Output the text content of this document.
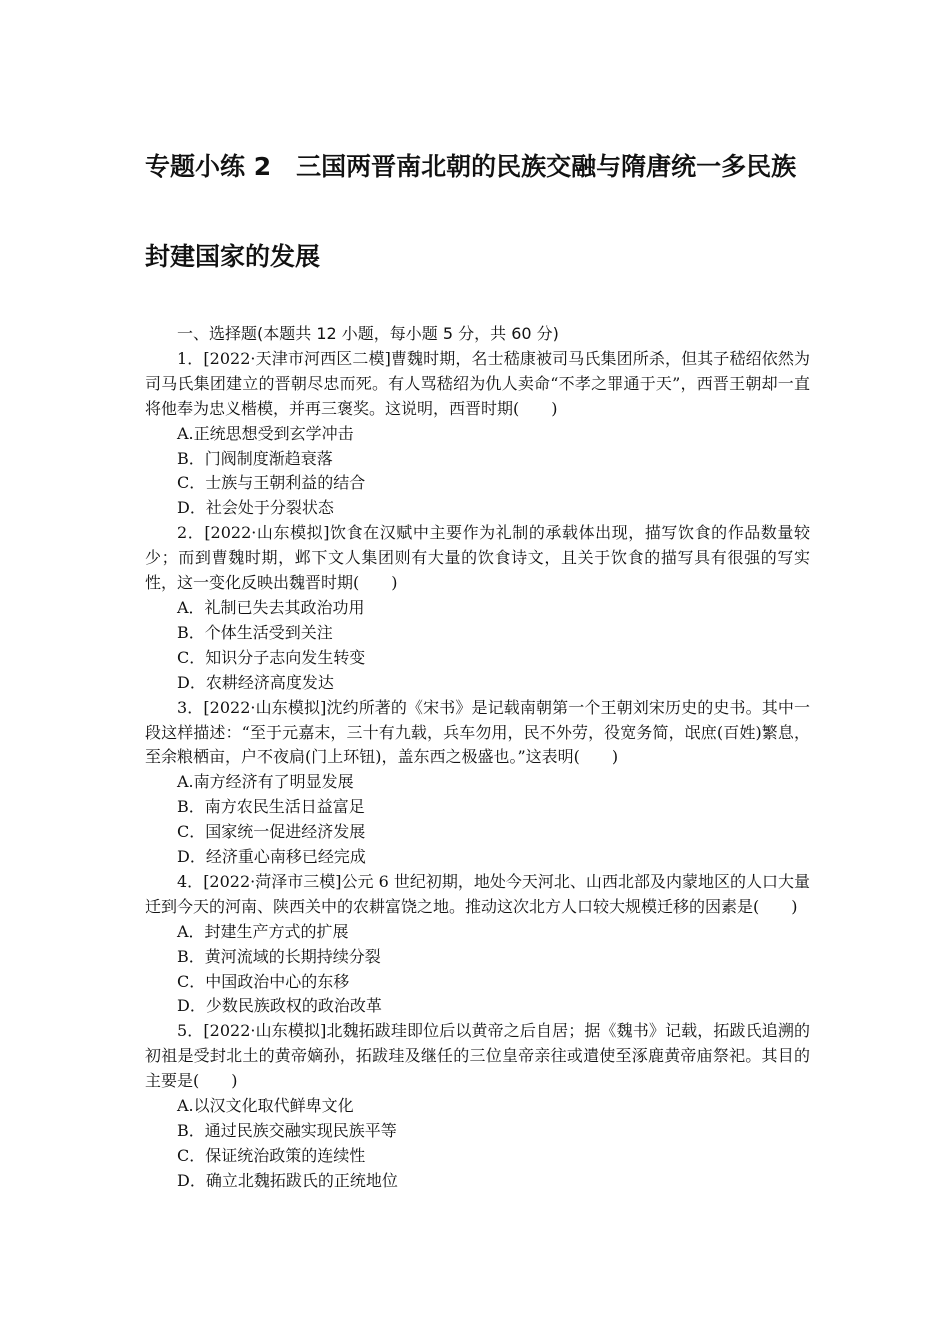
专题小练 2　三国两晋南北朝的民族交融与隋唐统一多民族
封建国家的发展

一、选择题(本题共 12 小题，每小题 5 分，共 60 分)

1．[2022·天津市河西区二模]曹魏时期，名士嵇康被司马氏集团所杀，但其子嵇绍依然为司马氏集团建立的晋朝尽忠而死。有人骂嵇绍为仇人卖命“不孝之罪通于天”，西晋王朝却一直将他奉为忠义楷模，并再三褒奖。这说明，西晋时期(　　)

A.正统思想受到玄学冲击

B．门阀制度渐趋衰落

C．士族与王朝利益的结合

D．社会处于分裂状态

2．[2022·山东模拟]饮食在汉赋中主要作为礼制的承载体出现，描写饮食的作品数量较少；而到曹魏时期，邺下文人集团则有大量的饮食诗文，且关于饮食的描写具有很强的写实性，这一变化反映出魏晋时期(　　)

A．礼制已失去其政治功用

B．个体生活受到关注

C．知识分子志向发生转变

D．农耕经济高度发达

3．[2022·山东模拟]沈约所著的《宋书》是记载南朝第一个王朝刘宋历史的史书。其中一段这样描述：“至于元嘉末，三十有九载，兵车勿用，民不外劳，役宽务简，氓庶(百姓)繁息，至余粮栖亩，户不夜扃(门上环钮)，盖东西之极盛也。”这表明(　　)

A.南方经济有了明显发展

B．南方农民生活日益富足

C．国家统一促进经济发展

D．经济重心南移已经完成

4．[2022·菏泽市三模]公元 6 世纪初期，地处今天河北、山西北部及内蒙地区的人口大量迁到今天的河南、陕西关中的农耕富饶之地。推动这次北方人口较大规模迁移的因素是(　　)

A．封建生产方式的扩展

B．黄河流域的长期持续分裂

C．中国政治中心的东移

D．少数民族政权的政治改革

5．[2022·山东模拟]北魏拓跋珪即位后以黄帝之后自居；据《魏书》记载，拓跋氏追溯的初祖是受封北土的黄帝嫡孙，拓跋珪及继任的三位皇帝亲往或遣使至涿鹿黄帝庙祭祀。其目的主要是(　　)

A.以汉文化取代鲜卑文化

B．通过民族交融实现民族平等

C．保证统治政策的连续性

D．确立北魏拓跋氏的正统地位
